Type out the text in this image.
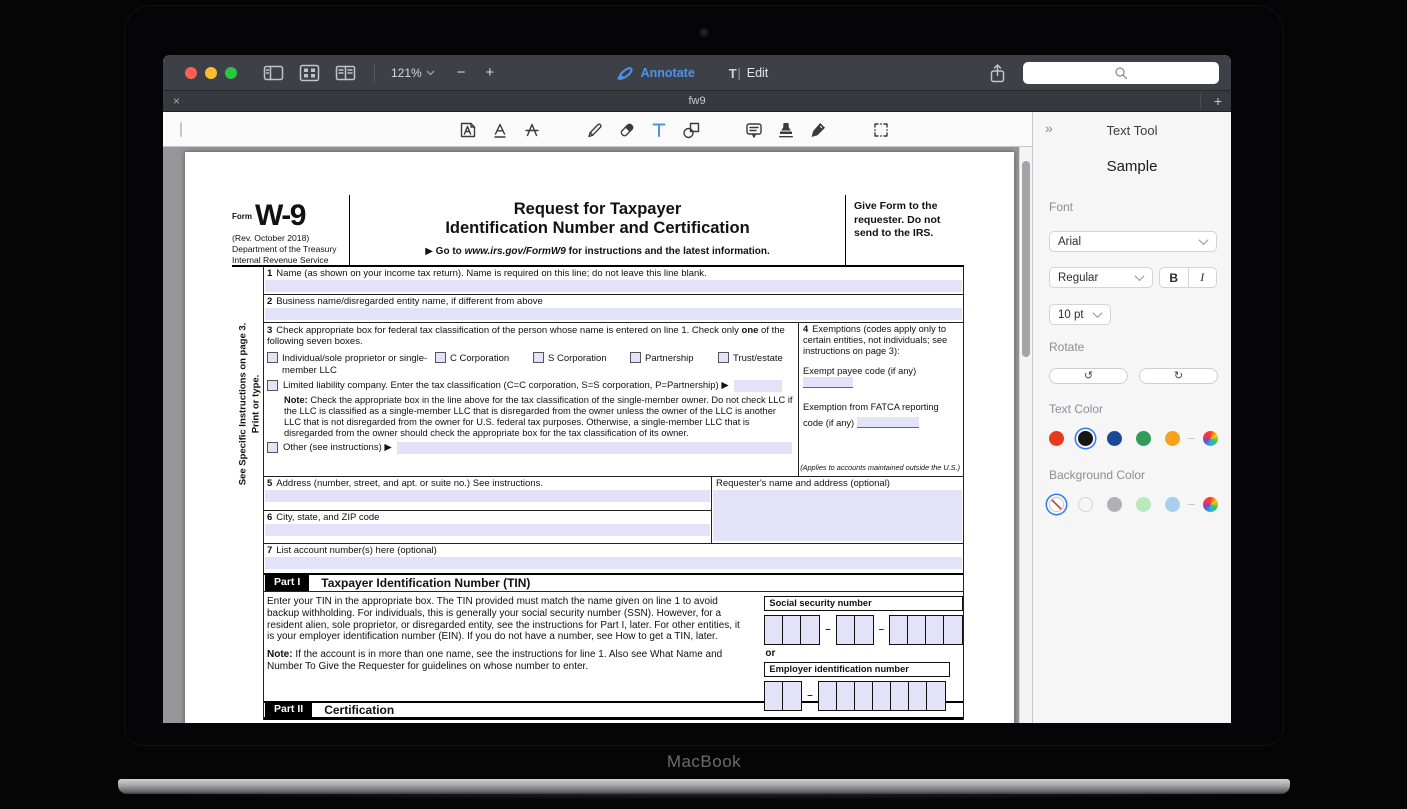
121% − +	Annotate	T Edit
×	fw9	+
$^{Form}$ W-9
(Rev. October 2018)
Department of the Treasury
Internal Revenue Service
Request for Taxpayer
Identification Number and Certification
▶ Go to www.irs.gov/FormW9 for instructions and the latest information.
Give Form to the requester. Do not send to the IRS.
Print or type.
See Specific Instructions on page 3.
1 Name (as shown on your income tax return). Name is required on this line; do not leave this line blank.
2 Business name/disregarded entity name, if different from above
3 Check appropriate box for federal tax classification of the person whose name is entered on line 1. Check only one of the following seven boxes.
Individual/sole proprietor or single-member LLC
C Corporation	S Corporation	Partnership	Trust/estate
Limited liability company. Enter the tax classification (C=C corporation, S=S corporation, P=Partnership) ▶
Note: Check the appropriate box in the line above for the tax classification of the single-member owner. Do not check LLC if the LLC is classified as a single-member LLC that is disregarded from the owner unless the owner of the LLC is another LLC that is not disregarded from the owner for U.S. federal tax purposes. Otherwise, a single-member LLC that is disregarded from the owner should check the appropriate box for the tax classification of its owner.
Other (see instructions) ▶
4 Exemptions (codes apply only to certain entities, not individuals; see instructions on page 3):
Exempt payee code (if any)
Exemption from FATCA reporting
code (if any)
(Applies to accounts maintained outside the U.S.)
5 Address (number, street, and apt. or suite no.) See instructions.
6 City, state, and ZIP code
Requester's name and address (optional)
7 List account number(s) here (optional)
Part I	Taxpayer Identification Number (TIN)

Enter your TIN in the appropriate box. The TIN provided must match the name given on line 1 to avoid backup withholding. For individuals, this is generally your social security number (SSN). However, for a resident alien, sole proprietor, or disregarded entity, see the instructions for Part I, later. For other entities, it is your employer identification number (EIN). If you do not have a number, see How to get a TIN, later.

Note: If the account is in more than one name, see the instructions for line 1. Also see What Name and Number To Give the Requester for guidelines on whose number to enter.

Social security number
–	–
or
Employer identification number
–
Part II	Certification
»	Text Tool
Sample
Font
Arial
Regular	B	I
10 pt
Rotate
↺	↻
Text Color
Background Color
MacBook
